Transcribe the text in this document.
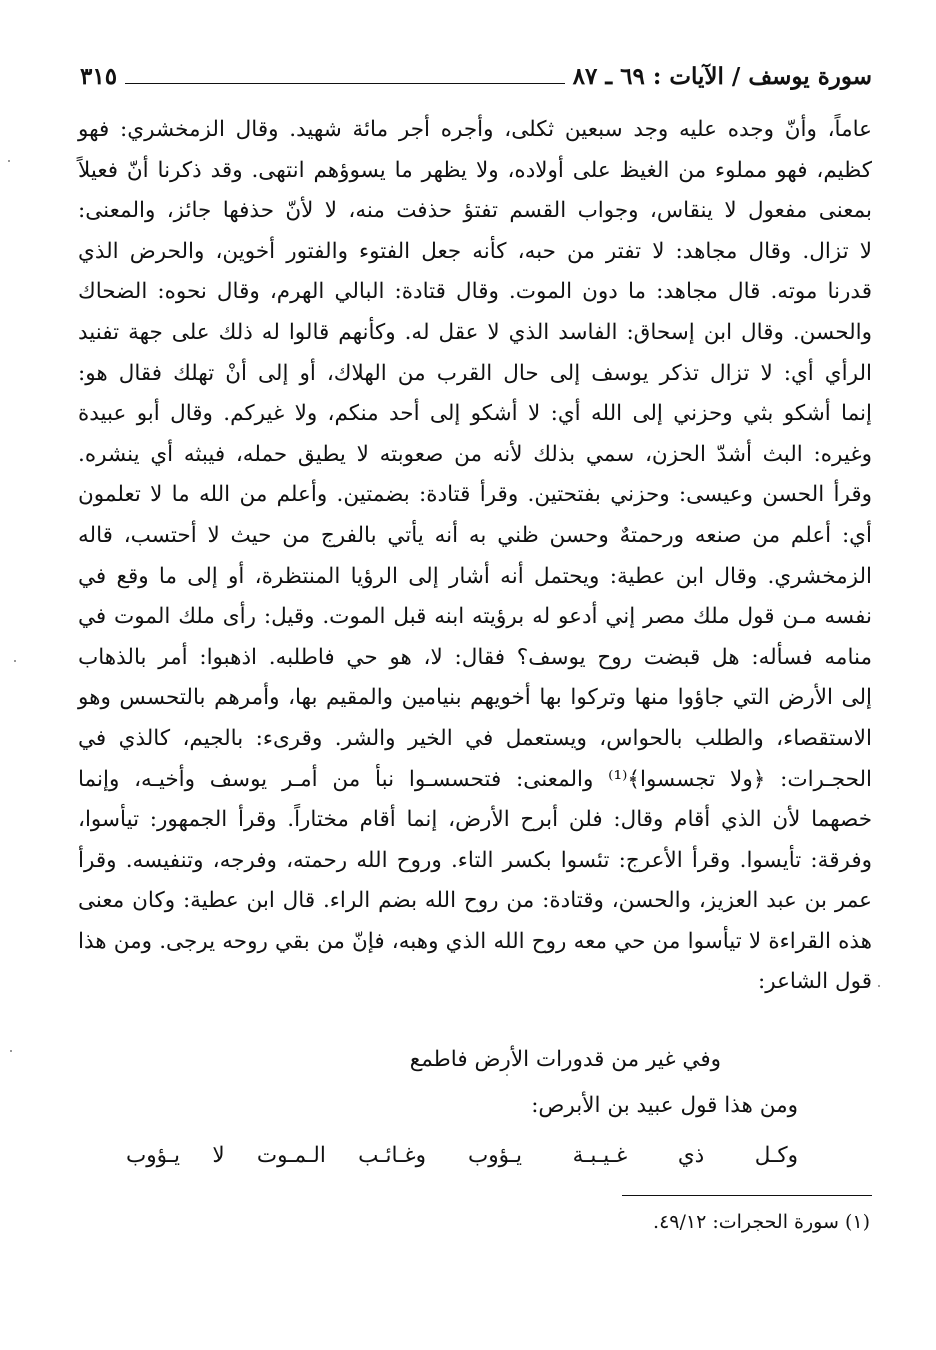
سورة يوسف / الآيات : ٦٩ ـ ٨٧
٣١٥
عاماً، وأنّ وجده عليه وجد سبعين ثكلى، وأجره أجر مائة شهيد. وقال الزمخشري: فهو
كظيم، فهو مملوء من الغيظ على أولاده، ولا يظهر ما يسوؤهم انتهى. وقد ذكرنا أنّ فعيلاً
بمعنى مفعول لا ينقاس، وجواب القسم تفتؤ حذفت منه، لا لأنّ حذفها جائز، والمعنى:
لا تزال. وقال مجاهد: لا تفتر من حبه، كأنه جعل الفتوء والفتور أخوين، والحرض الذي
قدرنا موته. قال مجاهد: ما دون الموت. وقال قتادة: البالي الهرم، وقال نحوه: الضحاك
والحسن. وقال ابن إسحاق: الفاسد الذي لا عقل له. وكأنهم قالوا له ذلك على جهة تفنيد
الرأي أي: لا تزال تذكر يوسف إلى حال القرب من الهلاك، أو إلى أنْ تهلك فقال هو:
إنما أشكو بثي وحزني إلى الله أي: لا أشكو إلى أحد منكم، ولا غيركم. وقال أبو عبيدة
وغيره: البث أشدّ الحزن، سمي بذلك لأنه من صعوبته لا يطيق حمله، فيبثه أي ينشره.
وقرأ الحسن وعيسى: وحزني بفتحتين. وقرأ قتادة: بضمتين. وأعلم من الله ما لا تعلمون
أي: أعلم من صنعه ورحمتهٌ وحسن ظني به أنه يأتي بالفرج من حيث لا أحتسب، قاله
الزمخشري. وقال ابن عطية: ويحتمل أنه أشار إلى الرؤيا المنتظرة، أو إلى ما وقع في
نفسه مـن قول ملك مصر إني أدعو له برؤيته ابنه قبل الموت. وقيل: رأى ملك الموت في
منامه فسأله: هل قبضت روح يوسف؟ فقال: لا، هو حي فاطلبه. اذهبوا: أمر بالذهاب
إلى الأرض التي جاؤوا منها وتركوا بها أخويهم بنيامين والمقيم بها، وأمرهم بالتحسس وهو
الاستقصاء، والطلب بالحواس، ويستعمل في الخير والشر. وقرىء: بالجيم، كالذي في
الحجـرات: ﴿ولا تجسسوا﴾⁽¹⁾ والمعنى: فتحسسـوا نبأ من أمـر يوسف وأخيـه، وإنما
خصهما لأن الذي أقام وقال: فلن أبرح الأرض، إنما أقام مختاراً. وقرأ الجمهور: تيأسوا،
وفرقة: تأيسوا. وقرأ الأعرج: تئسوا بكسر التاء. وروح الله رحمته، وفرجه، وتنفيسه. وقرأ
عمر بن عبد العزيز، والحسن، وقتادة: من روح الله بضم الراء. قال ابن عطية: وكان معنى
هذه القراءة لا تيأسوا من حي معه روح الله الذي وهبه، فإنّ من بقي روحه يرجى. ومن هذا
قول الشاعر:
وفي غير من قدورات الأرض فاطمع
ومن هذا قول عبيد بن الأبرص:
وكـل ذي غـيـبـة يـؤوب
وغـائـب الـمـوت لا يـؤوب
(١) سورة الحجرات: ٤٩/١٢.
